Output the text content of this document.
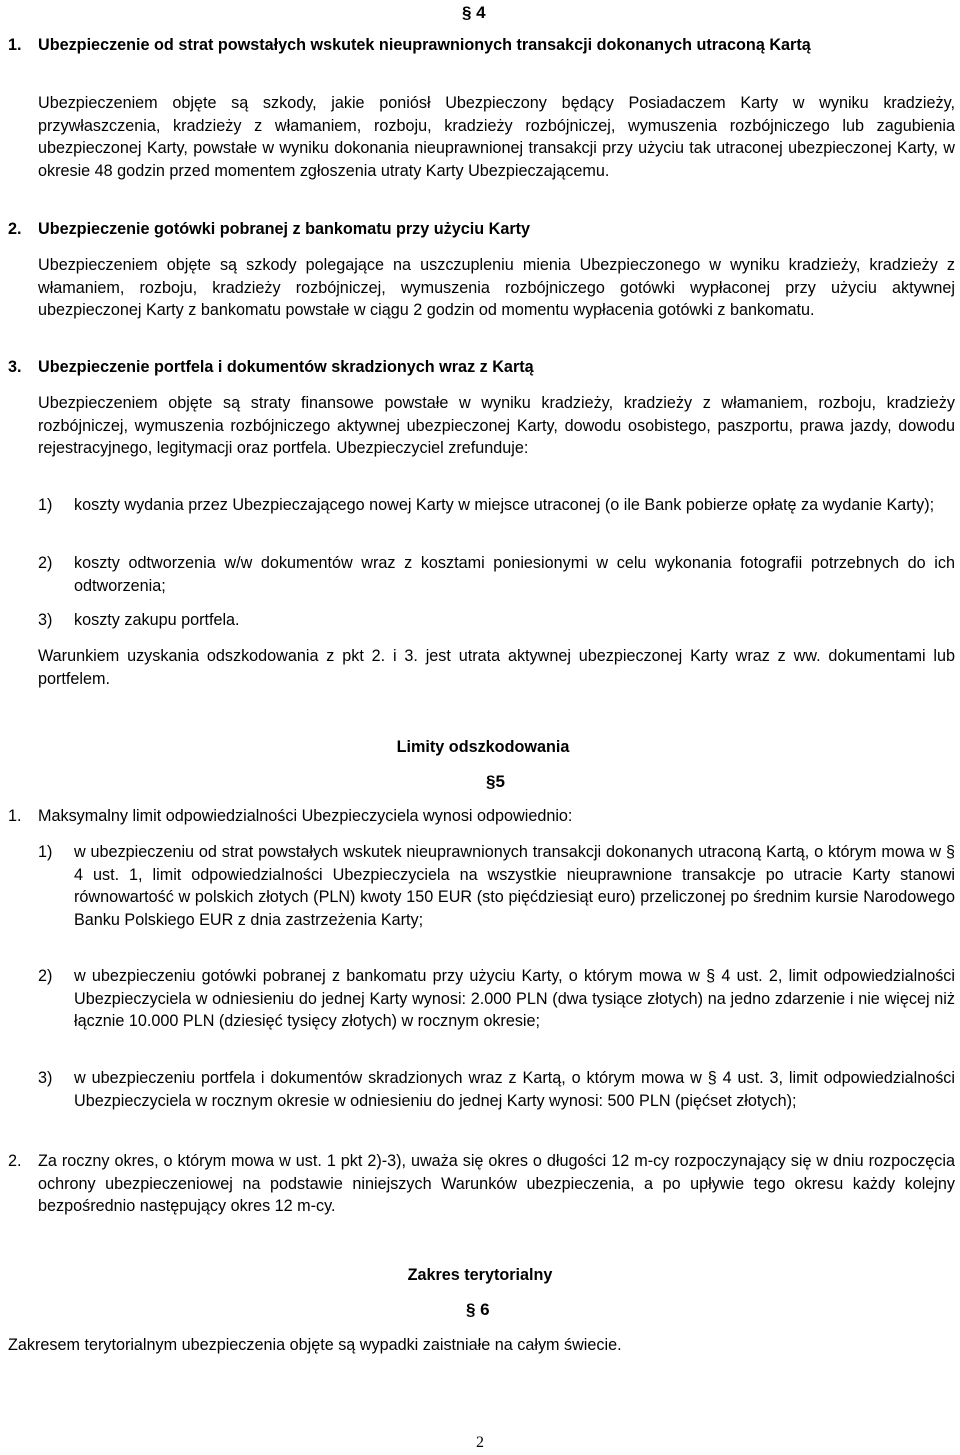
§ 4
1. Ubezpieczenie od strat powstałych wskutek nieuprawnionych transakcji dokonanych utraconą Kartą
Ubezpieczeniem objęte są szkody, jakie poniósł Ubezpieczony będący Posiadaczem Karty w wyniku kradzieży, przywłaszczenia, kradzieży z włamaniem, rozboju, kradzieży rozbójniczej, wymuszenia rozbójniczego lub zagubienia ubezpieczonej Karty, powstałe w wyniku dokonania nieuprawnionej transakcji przy użyciu tak utraconej ubezpieczonej Karty, w okresie 48 godzin przed momentem zgłoszenia utraty Karty Ubezpieczającemu.
2. Ubezpieczenie gotówki pobranej z bankomatu przy użyciu Karty
Ubezpieczeniem objęte są szkody polegające na uszczupleniu mienia Ubezpieczonego w wyniku kradzieży, kradzieży z włamaniem, rozboju, kradzieży rozbójniczej, wymuszenia rozbójniczego gotówki wypłaconej przy użyciu aktywnej ubezpieczonej Karty z bankomatu powstałe w ciągu 2 godzin od momentu wypłacenia gotówki z bankomatu.
3. Ubezpieczenie portfela i dokumentów skradzionych wraz z Kartą
Ubezpieczeniem objęte są straty finansowe powstałe w wyniku kradzieży, kradzieży z włamaniem, rozboju, kradzieży rozbójniczej, wymuszenia rozbójniczego aktywnej ubezpieczonej Karty, dowodu osobistego, paszportu, prawa jazdy, dowodu rejestracyjnego, legitymacji oraz portfela. Ubezpieczyciel zrefunduje:
1) koszty wydania przez Ubezpieczającego nowej Karty w miejsce utraconej (o ile Bank pobierze opłatę za wydanie Karty);
2) koszty odtworzenia w/w dokumentów wraz z kosztami poniesionymi w celu wykonania fotografii potrzebnych do ich odtworzenia;
3) koszty zakupu portfela.
Warunkiem uzyskania odszkodowania z pkt 2. i 3. jest utrata aktywnej ubezpieczonej Karty wraz z ww. dokumentami lub portfelem.
Limity odszkodowania
§5
1. Maksymalny limit odpowiedzialności Ubezpieczyciela wynosi odpowiednio:
1) w ubezpieczeniu od strat powstałych wskutek nieuprawnionych transakcji dokonanych utraconą Kartą, o którym mowa w § 4 ust. 1, limit odpowiedzialności Ubezpieczyciela na wszystkie nieuprawnione transakcje po utracie Karty stanowi równowartość w polskich złotych (PLN) kwoty 150 EUR (sto pięćdziesiąt euro) przeliczonej po średnim kursie Narodowego Banku Polskiego EUR z dnia zastrzeżenia Karty;
2) w ubezpieczeniu gotówki pobranej z bankomatu przy użyciu Karty, o którym mowa w § 4 ust. 2, limit odpowiedzialności Ubezpieczyciela w odniesieniu do jednej Karty wynosi: 2.000 PLN (dwa tysiące złotych) na jedno zdarzenie i nie więcej niż łącznie 10.000 PLN (dziesięć tysięcy złotych) w rocznym okresie;
3) w ubezpieczeniu portfela i dokumentów skradzionych wraz z Kartą, o którym mowa w § 4 ust. 3, limit odpowiedzialności Ubezpieczyciela w rocznym okresie w odniesieniu do jednej Karty wynosi: 500 PLN (pięćset złotych);
2. Za roczny okres, o którym mowa w ust. 1 pkt 2)-3), uważa się okres o długości 12 m-cy rozpoczynający się w dniu rozpoczęcia ochrony ubezpieczeniowej na podstawie niniejszych Warunków ubezpieczenia, a po upływie tego okresu każdy kolejny bezpośrednio następujący okres 12 m-cy.
Zakres terytorialny
§ 6
Zakresem terytorialnym ubezpieczenia objęte są wypadki zaistniałe na całym świecie.
2
